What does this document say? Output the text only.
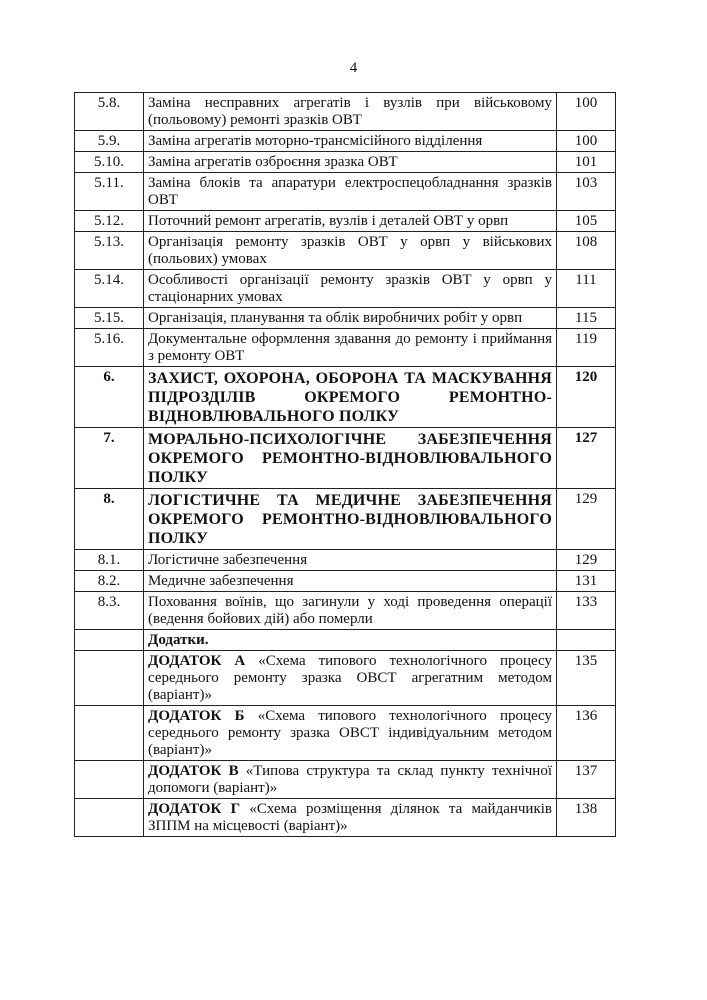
4
5.8.	Заміна несправних агрегатів і вузлів при військовому (польовому) ремонті зразків ОВТ	100
5.9.	Заміна агрегатів моторно-трансмісійного відділення	100
5.10.	Заміна агрегатів озброєння зразка ОВТ	101
5.11.	Заміна блоків та апаратури електроспецобладнання зразків ОВТ	103
5.12.	Поточний ремонт агрегатів, вузлів і деталей ОВТ у орвп	105
5.13.	Організація ремонту зразків ОВТ у орвп у військових (польових) умовах	108
5.14.	Особливості організації ремонту зразків ОВТ у орвп у стаціонарних умовах	111
5.15.	Організація, планування та облік виробничих робіт у орвп	115
5.16.	Документальне оформлення здавання до ремонту і приймання з ремонту ОВТ	119
6.	ЗАХИСТ, ОХОРОНА, ОБОРОНА ТА МАСКУВАННЯ ПІДРОЗДІЛІВ ОКРЕМОГО РЕМОНТНО-ВІДНОВЛЮВАЛЬНОГО ПОЛКУ	120
7.	МОРАЛЬНО-ПСИХОЛОГІЧНЕ ЗАБЕЗПЕЧЕННЯ ОКРЕМОГО РЕМОНТНО-ВІДНОВЛЮВАЛЬНОГО ПОЛКУ	127
8.	ЛОГІСТИЧНЕ ТА МЕДИЧНЕ ЗАБЕЗПЕЧЕННЯ ОКРЕМОГО РЕМОНТНО-ВІДНОВЛЮВАЛЬНОГО ПОЛКУ	129
8.1.	Логістичне забезпечення	129
8.2.	Медичне забезпечення	131
8.3.	Поховання воїнів, що загинули у ході проведення операції (ведення бойових дій) або померли	133
	Додатки.	
	ДОДАТОК А «Схема типового технологічного процесу середнього ремонту зразка ОВСТ агрегатним методом (варіант)»	135
	ДОДАТОК Б «Схема типового технологічного процесу середнього ремонту зразка ОВСТ індивідуальним методом (варіант)»	136
	ДОДАТОК В «Типова структура та склад пункту технічної допомоги (варіант)»	137
	ДОДАТОК Г «Схема розміщення ділянок та майданчиків ЗППМ на місцевості (варіант)»	138
